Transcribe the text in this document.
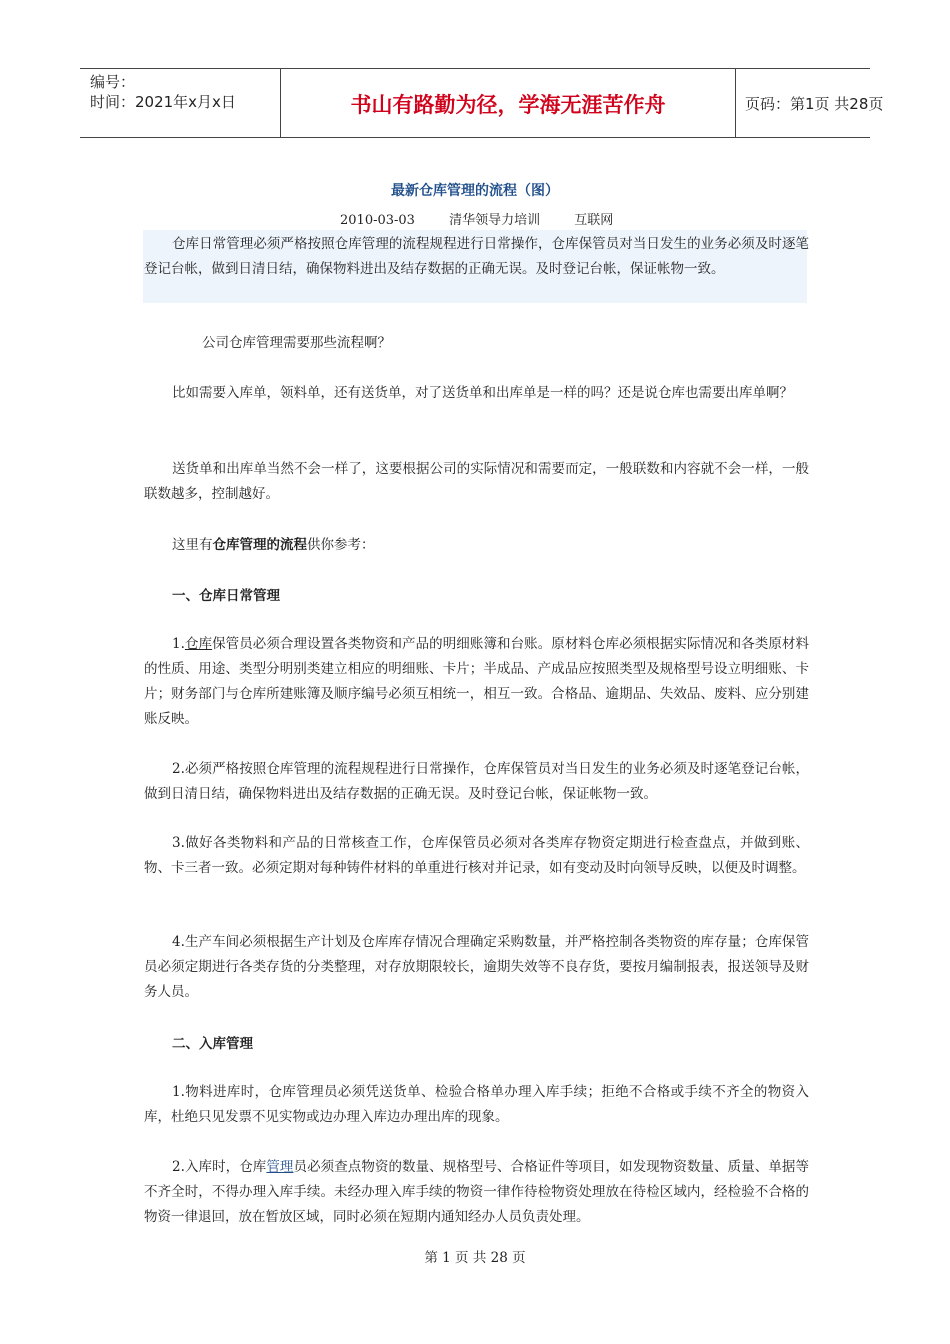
编号：
时间：2021年x月x日	书山有路勤为径，学海无涯苦作舟	页码：第1页 共28页
最新仓库管理的流程（图）
2010-03-03	清华领导力培训	互联网

仓库日常管理必须严格按照仓库管理的流程规程进行日常操作，仓库保管员对当日发生的业务必须及时逐笔登记台帐，做到日清日结，确保物料进出及结存数据的正确无误。及时登记台帐，保证帐物一致。

公司仓库管理需要那些流程啊？

比如需要入库单，领料单，还有送货单，对了送货单和出库单是一样的吗？还是说仓库也需要出库单啊？

送货单和出库单当然不会一样了，这要根据公司的实际情况和需要而定，一般联数和内容就不会一样，一般联数越多，控制越好。

这里有仓库管理的流程供你参考：

一、仓库日常管理

1.仓库保管员必须合理设置各类物资和产品的明细账簿和台账。原材料仓库必须根据实际情况和各类原材料的性质、用途、类型分明别类建立相应的明细账、卡片；半成品、产成品应按照类型及规格型号设立明细账、卡片；财务部门与仓库所建账簿及顺序编号必须互相统一，相互一致。合格品、逾期品、失效品、废料、应分别建账反映。

2.必须严格按照仓库管理的流程规程进行日常操作，仓库保管员对当日发生的业务必须及时逐笔登记台帐，做到日清日结，确保物料进出及结存数据的正确无误。及时登记台帐，保证帐物一致。

3.做好各类物料和产品的日常核查工作，仓库保管员必须对各类库存物资定期进行检查盘点，并做到账、物、卡三者一致。必须定期对每种铸件材料的单重进行核对并记录，如有变动及时向领导反映，以便及时调整。

4.生产车间必须根据生产计划及仓库库存情况合理确定采购数量，并严格控制各类物资的库存量；仓库保管员必须定期进行各类存货的分类整理，对存放期限较长，逾期失效等不良存货，要按月编制报表，报送领导及财务人员。

二、入库管理

1.物料进库时，仓库管理员必须凭送货单、检验合格单办理入库手续；拒绝不合格或手续不齐全的物资入库，杜绝只见发票不见实物或边办理入库边办理出库的现象。

2.入库时，仓库管理员必须查点物资的数量、规格型号、合格证件等项目，如发现物资数量、质量、单据等不齐全时，不得办理入库手续。未经办理入库手续的物资一律作待检物资处理放在待检区域内，经检验不合格的物资一律退回，放在暂放区域，同时必须在短期内通知经办人员负责处理。

第 1 页 共 28 页
